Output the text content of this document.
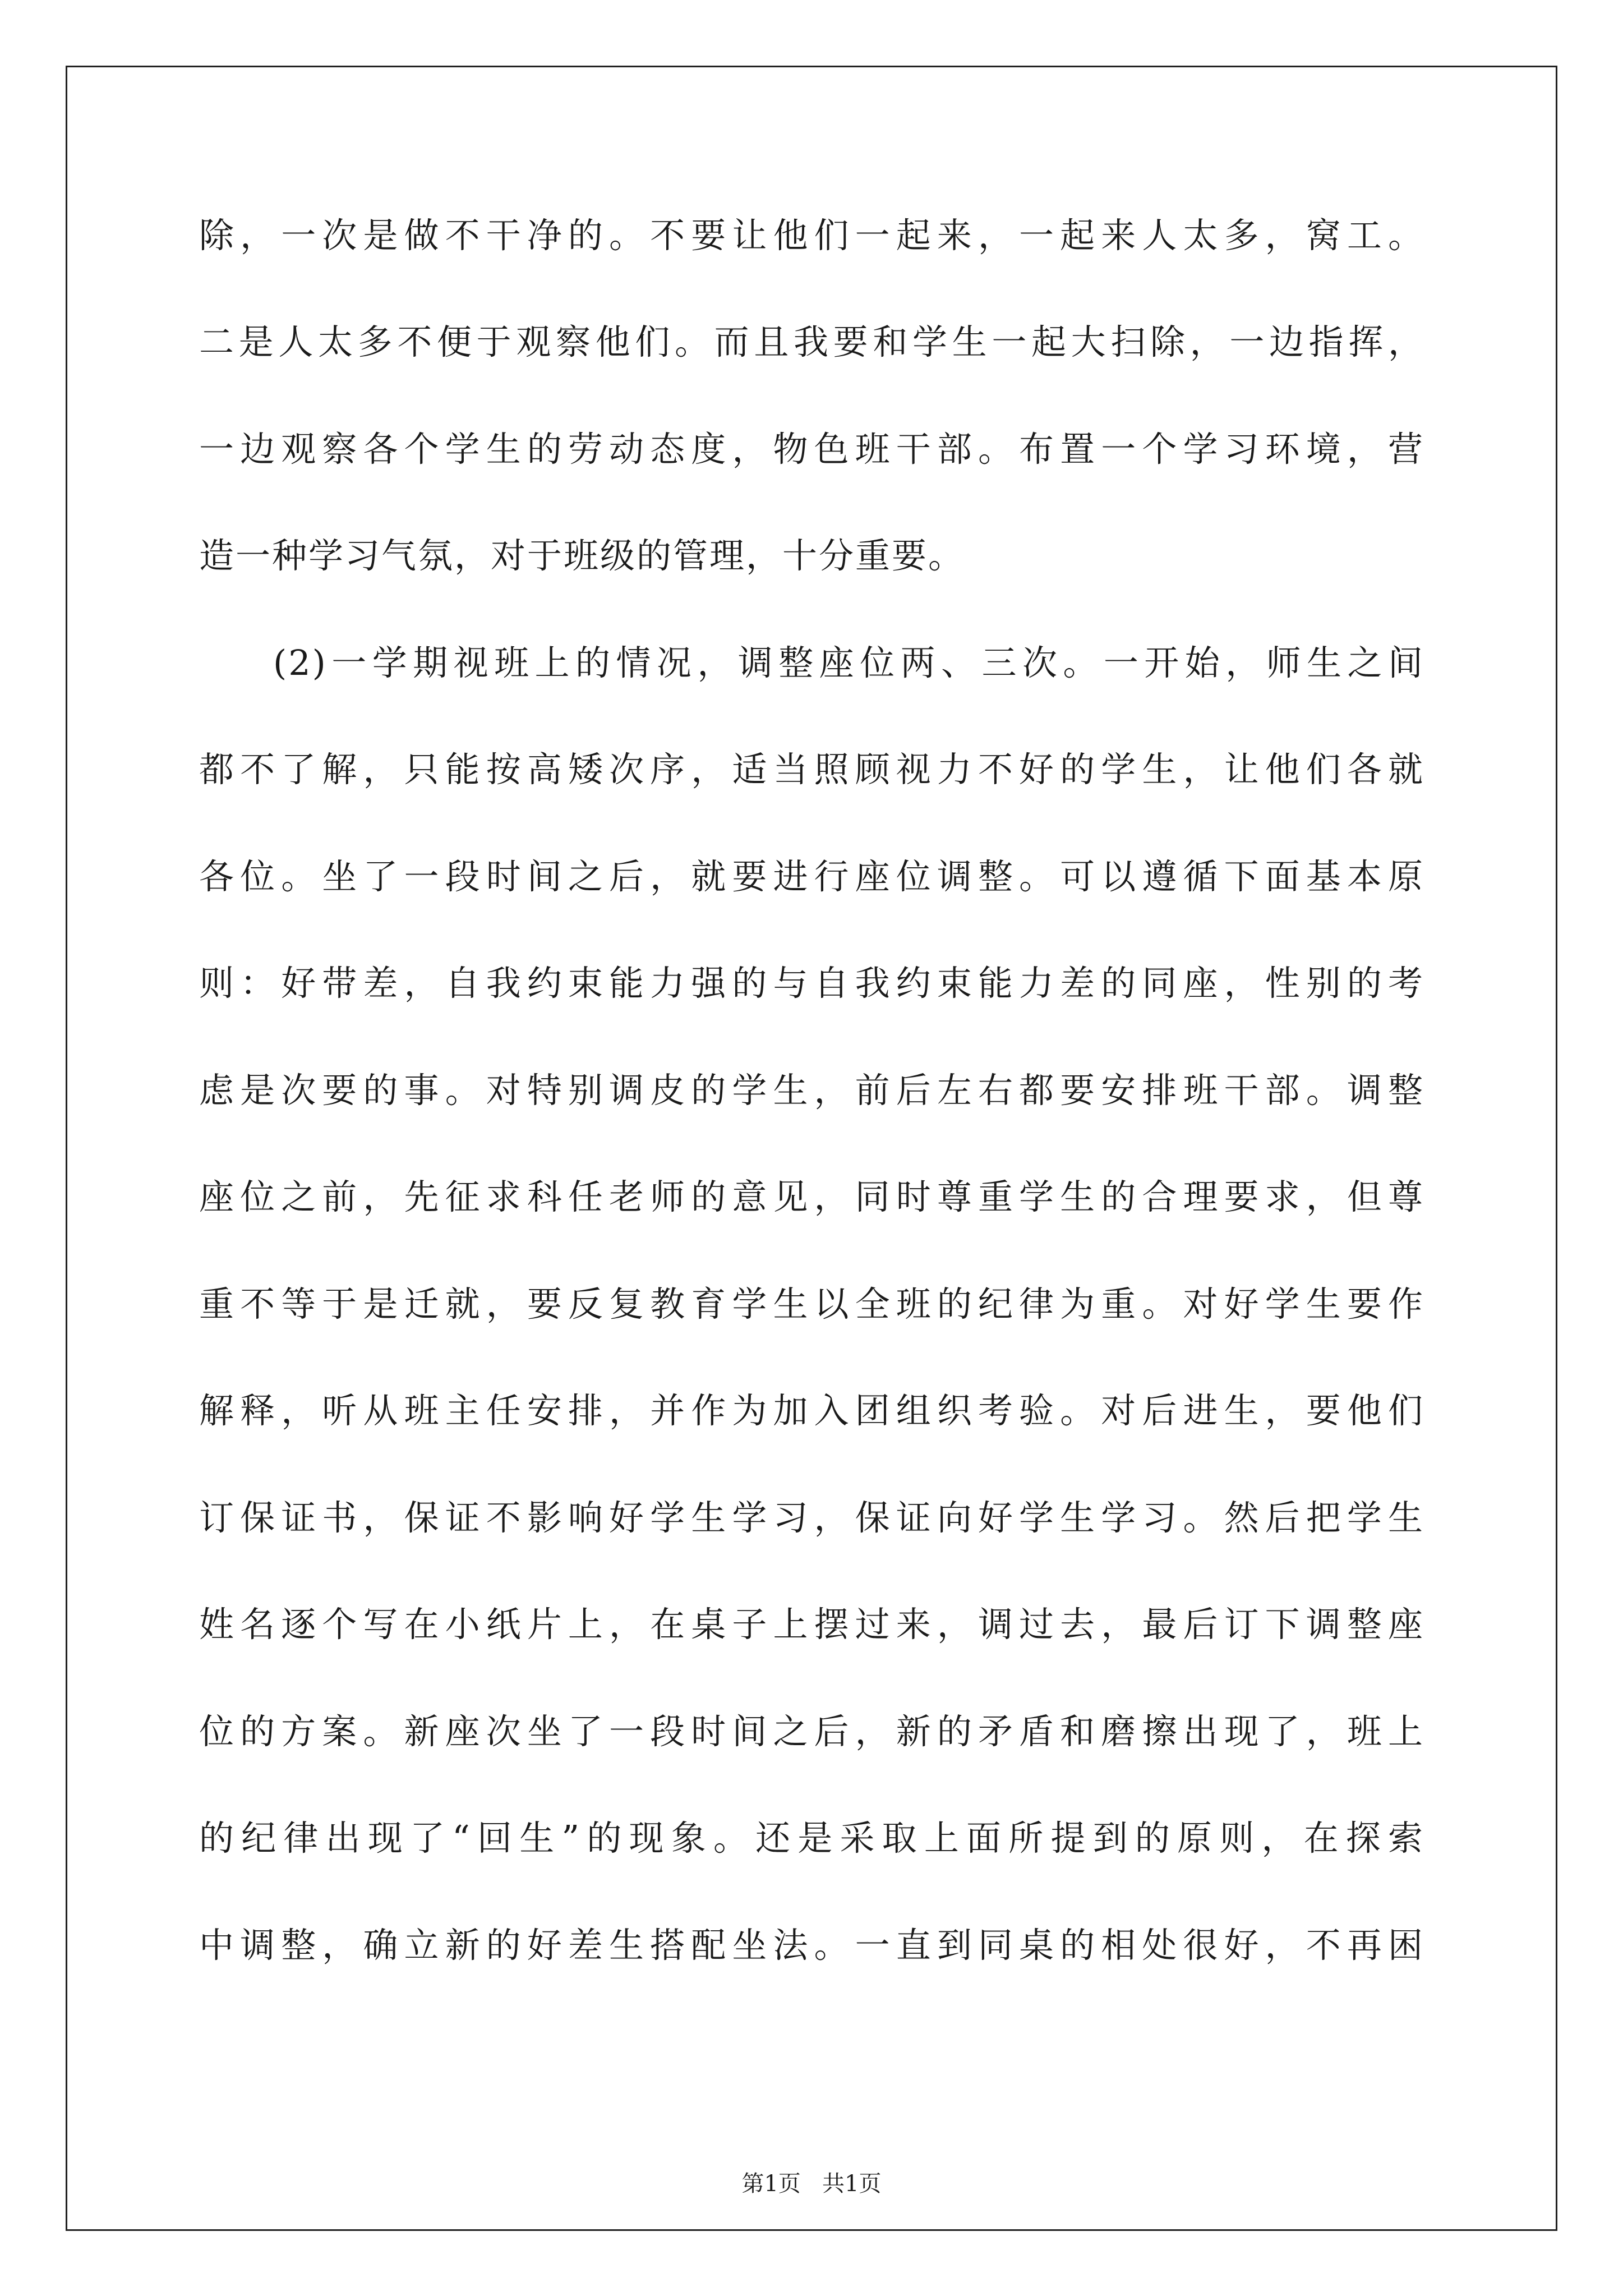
除，一次是做不干净的。不要让他们一起来，一起来人太多，窝工。
二是人太多不便于观察他们。而且我要和学生一起大扫除，一边指挥，
一边观察各个学生的劳动态度，物色班干部。布置一个学习环境，营
造一种学习气氛，对于班级的管理，十分重要。
(2)一学期视班上的情况，调整座位两、三次。一开始，师生之间
都不了解，只能按高矮次序，适当照顾视力不好的学生，让他们各就
各位。坐了一段时间之后，就要进行座位调整。可以遵循下面基本原
则：好带差，自我约束能力强的与自我约束能力差的同座，性别的考
虑是次要的事。对特别调皮的学生，前后左右都要安排班干部。调整
座位之前，先征求科任老师的意见，同时尊重学生的合理要求，但尊
重不等于是迁就，要反复教育学生以全班的纪律为重。对好学生要作
解释，听从班主任安排，并作为加入团组织考验。对后进生，要他们
订保证书，保证不影响好学生学习，保证向好学生学习。然后把学生
姓名逐个写在小纸片上，在桌子上摆过来，调过去，最后订下调整座
位的方案。新座次坐了一段时间之后，新的矛盾和磨擦出现了，班上
的纪律出现了“回生”的现象。还是采取上面所提到的原则，在探索
中调整，确立新的好差生搭配坐法。一直到同桌的相处很好，不再困
第1页   共1页
